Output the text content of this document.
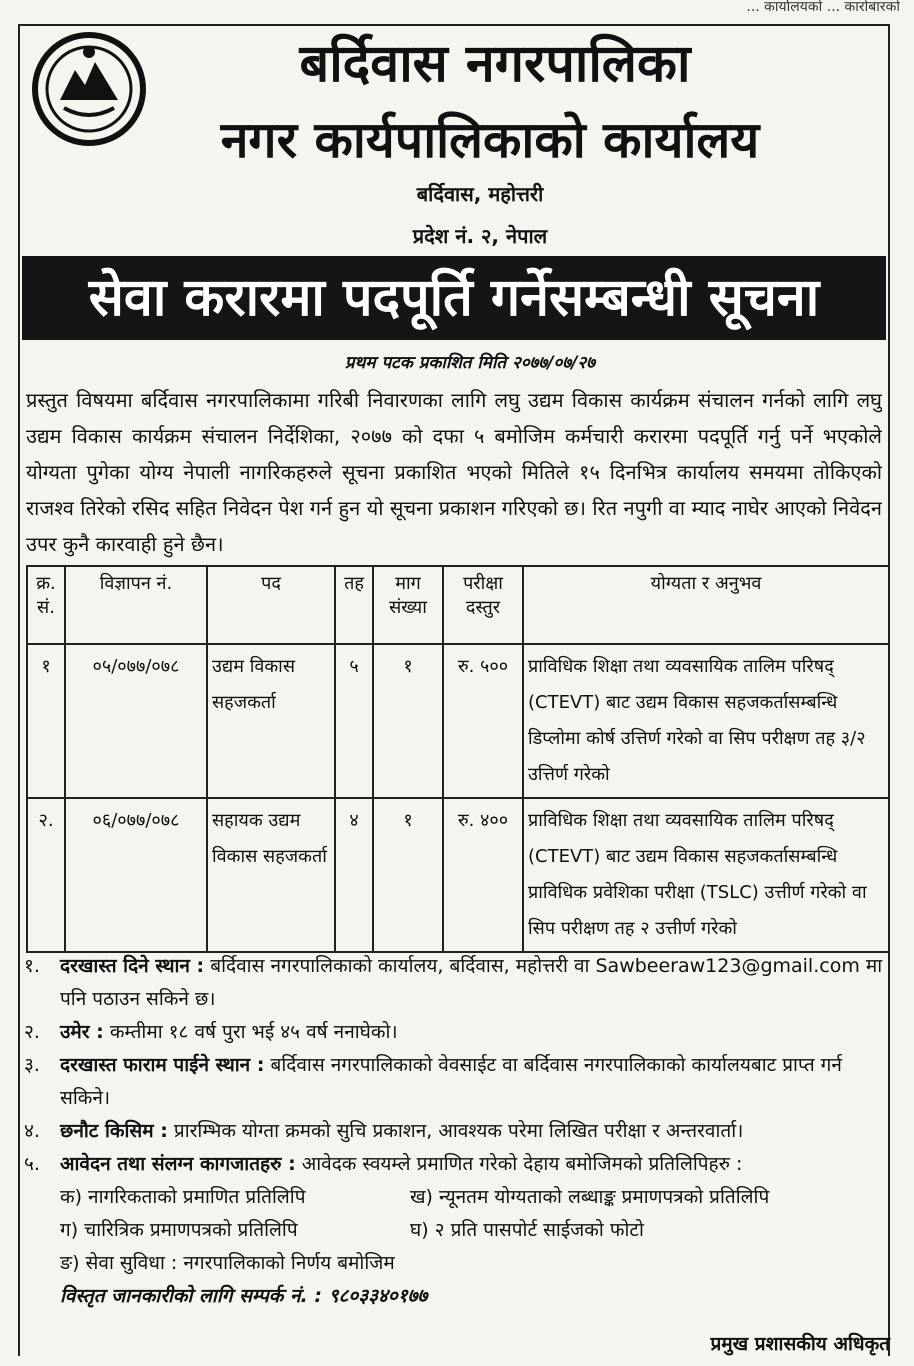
... कार्यालयको ... कारोबारको
बर्दिवास नगरपालिका
नगर कार्यपालिकाको कार्यालय
बर्दिवास, महोत्तरी
प्रदेश नं. २, नेपाल
सेवा करारमा पदपूर्ति गर्नेसम्बन्धी सूचना
प्रथम पटक प्रकाशित मिति २०७७/०७/२७
प्रस्तुत विषयमा बर्दिवास नगरपालिकामा गरिबी निवारणका लागि लघु उद्यम विकास कार्यक्रम संचालन गर्नको लागि लघु उद्यम विकास कार्यक्रम संचालन निर्देशिका, २०७७ को दफा ५ बमोजिम कर्मचारी करारमा पदपूर्ति गर्नु पर्ने भएकोले योग्यता पुगेका योग्य नेपाली नागरिकहरुले सूचना प्रकाशित भएको मितिले १५ दिनभित्र कार्यालय समयमा तोकिएको राजश्व तिरेको रसिद सहित निवेदन पेश गर्न हुन यो सूचना प्रकाशन गरिएको छ। रित नपुगी वा म्याद नाघेर आएको निवेदन उपर कुनै कारवाही हुने छैन।
क्र. सं.	विज्ञापन नं.	पद	तह	माग संख्या	परीक्षा दस्तुर	योग्यता र अनुभव
१	०५/०७७/०७८	उद्यम विकास सहजकर्ता	५	१	रु. ५००	प्राविधिक शिक्षा तथा व्यवसायिक तालिम परिषद् (CTEVT) बाट उद्यम विकास सहजकर्तासम्बन्धि डिप्लोमा कोर्ष उत्तिर्ण गरेको वा सिप परीक्षण तह ३/२ उत्तिर्ण गरेको
२.	०६/०७७/०७८	सहायक उद्यम विकास सहजकर्ता	४	१	रु. ४००	प्राविधिक शिक्षा तथा व्यवसायिक तालिम परिषद् (CTEVT) बाट उद्यम विकास सहजकर्तासम्बन्धि प्राविधिक प्रवेशिका परीक्षा (TSLC) उत्तीर्ण गरेको वा सिप परीक्षण तह २ उत्तीर्ण गरेको
१.	दरखास्त दिने स्थान : बर्दिवास नगरपालिकाको कार्यालय, बर्दिवास, महोत्तरी वा Sawbeeraw123@gmail.com मा पनि पठाउन सकिने छ।
२.	उमेर : कम्तीमा १८ वर्ष पुरा भई ४५ वर्ष ननाघेको।
३.	दरखास्त फाराम पाईने स्थान : बर्दिवास नगरपालिकाको वेवसाईट वा बर्दिवास नगरपालिकाको कार्यालयबाट प्राप्त गर्न सकिने।
४.	छनौट किसिम : प्रारम्भिक योग्ता क्रमको सुचि प्रकाशन, आवश्यक परेमा लिखित परीक्षा र अन्तरवार्ता।
५.	आवेदन तथा संलग्न कागजातहरु : आवेदक स्वयम्ले प्रमाणित गरेको देहाय बमोजिमको प्रतिलिपिहरु :
क) नागरिकताको प्रमाणित प्रतिलिपि	ख) न्यूनतम योग्यताको लब्धाङ्क प्रमाणपत्रको प्रतिलिपि
ग) चारित्रिक प्रमाणपत्रको प्रतिलिपि	घ) २ प्रति पासपोर्ट साईजको फोटो
ङ) सेवा सुविधा : नगरपालिकाको निर्णय बमोजिम
विस्तृत जानकारीको लागि सम्पर्क नं. : ९८०३३४०१७७
प्रमुख प्रशासकीय अधिकृत
